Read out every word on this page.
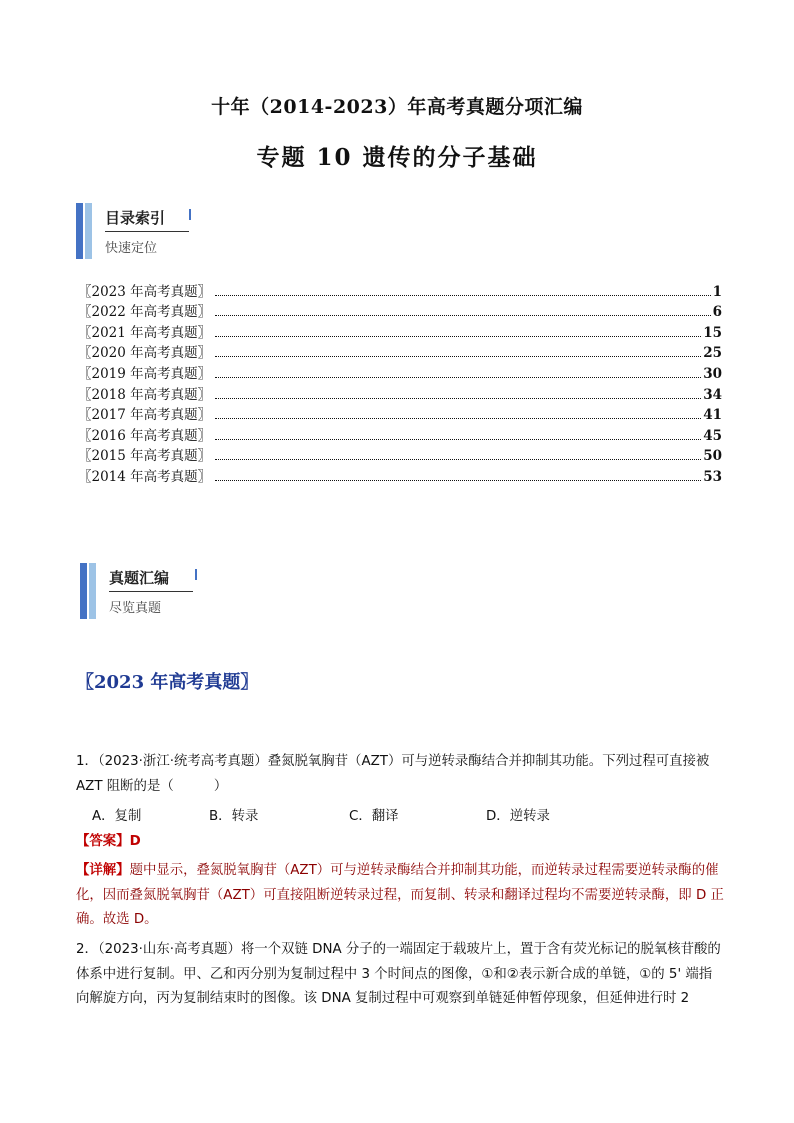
十年（2014-2023）年高考真题分项汇编
专题 10 遗传的分子基础
目录索引
快速定位
〖2023 年高考真题〗	1
〖2022 年高考真题〗	6
〖2021 年高考真题〗	15
〖2020 年高考真题〗	25
〖2019 年高考真题〗	30
〖2018 年高考真题〗	34
〖2017 年高考真题〗	41
〖2016 年高考真题〗	45
〖2015 年高考真题〗	50
〖2014 年高考真题〗	53
真题汇编
尽览真题
〖2023 年高考真题〗
1．（2023·浙江·统考高考真题）叠氮脱氧胸苷（AZT）可与逆转录酶结合并抑制其功能。下列过程可直接被 AZT 阻断的是（　　　）
A．复制	B．转录	C．翻译	D．逆转录
【答案】D
【详解】题中显示，叠氮脱氧胸苷（AZT）可与逆转录酶结合并抑制其功能，而逆转录过程需要逆转录酶的催化，因而叠氮脱氧胸苷（AZT）可直接阻断逆转录过程，而复制、转录和翻译过程均不需要逆转录酶，即 D 正确。故选 D。
2．（2023·山东·高考真题）将一个双链 DNA 分子的一端固定于载玻片上，置于含有荧光标记的脱氧核苷酸的体系中进行复制。甲、乙和丙分别为复制过程中 3 个时间点的图像，①和②表示新合成的单链，①的 5' 端指向解旋方向，丙为复制结束时的图像。该 DNA 复制过程中可观察到单链延伸暂停现象，但延伸进行时 2
